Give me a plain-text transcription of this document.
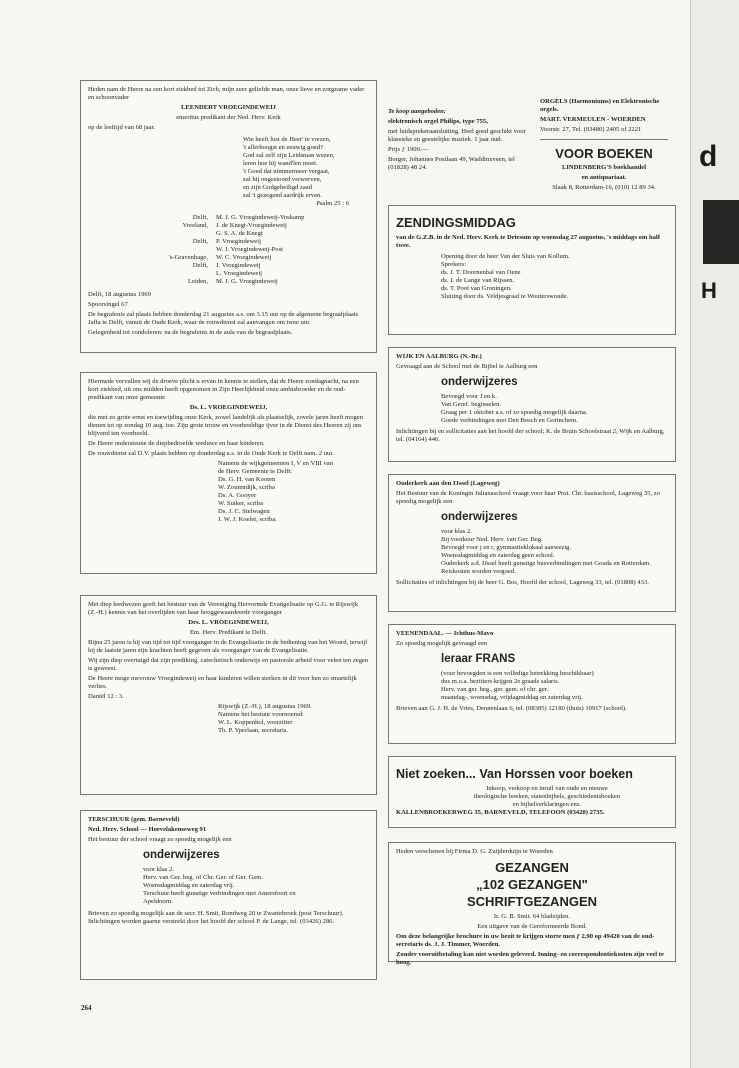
Heden nam de Heere na een kort ziekbed tot Zich, mijn zeer geliefde man, onze lieve en zorgzame vader en schoonvader

LEENDERT VROEGINDEWEIJ

emeritus predikant der Ned. Herv. Kerk

op de leeftijd van 68 jaar.

Wie heeft lust de Heer' te vrezen,
't allerhoogst en eeuwig goed?
God zal zelf zijn Leidsman wezen,
leren hoe hij wand'len moet.
't Goed dat nimmermeer vergaat,
zal hij ongestoord verwerven,
en zijn Godgeheiligd zaad
zal 't gezegend aardrijk erven.
Psalm 25 : 6
Delft,	M. J. G. Vroegindeweij-Voskamp
Vreeland,	J. de Knegt-Vroegindeweij
G. S. A. de Knegt
Delft,	P. Vroegindeweij
W. J. Vroegindeweij-Post
's-Gravenhage,	W. C. Vroegindeweij
Delft,	J. Vroegindeweij
L. Vroegindeweij
Leiden,	M. J. G. Vroegindeweij

Delft, 18 augustus 1969

Spoorsingel 67

De begrafenis zal plaats hebben donderdag 21 augustus a.s. om 3.15 uur op de algemene begraafplaats Jaffa te Delft, vanuit de Oude Kerk, waar de rouwdienst zal aanvangen om twee uur.

Gelegenheid tot condoleren: na de begrafenis in de aula van de begraafplaats.

Hiermede vervullen wij de droeve plicht u ervan in kennis te stellen, dat de Heere zondagnacht, na een kort ziekbed, uit ons midden heeft opgenomen in Zijn Heerlijkheid onze ambtsbroeder en de oud-predikant van onze gemeente

Ds. L. VROEGINDEWEIJ,

die met zo grote ernst en toewijding onze Kerk, zowel landelijk als plaatselijk, zovele jaren heeft mogen dienen tot op zondag 10 aug. toe. Zijn grote trouw en voorbeeldige ijver in de Dienst des Heeren zij ons blijvend ten voorbeeld.

De Heere ondersteune de diepbedroefde weduwe en haar kinderen.

De rouwdienst zal D.V. plaats hebben op donderdag a.s. in de Oude Kerk te Delft nam. 2 uur.

Namens de wijkgemeenten I, V en VIII van
de Herv. Gemeente te Delft:
Ds. G. H. van Kooten
W. Zoutendijk, scriba
Ds. A. Gooyer
W. Suiker, scriba
Ds. J. C. Stelwagen
J. W. J. Koelet, scriba.

Met diep leedwezen geeft het bestuur van de Vereniging Hervormde Evangelisatie op G.G. te Rijswijk (Z.-H.) kennis van het overlijden van haar hooggewaardeerde voorganger

Drs. L. VROEGINDEWEIJ,

Em. Herv. Predikant te Delft.

Bijna 25 jaren is hij van tijd tot tijd voorganger in de Evangelisatie in de bediening van het Woord, terwijl hij de laatste jaren zijn krachten heeft gegeven als voorganger van de Evangelisatie.

Wij zijn diep overtuigd dat zijn prediking, catechetisch onderwijs en pastorale arbeid voor velen ten zegen is geweest.

De Heere moge mevrouw Vroegindeweij en haar kinderen willen sterken in dit voor hen zo smartelijk verlies.

Daniël 12 : 3.

Rijswijk (Z.-H.), 18 augustus 1969.
Namens het bestuur voornoemd:
W. L. Koppenhol, voorzitter
Th. P. Yperlaan, secretaris.

TERSCHUUR (gem. Barneveld)

Ned. Herv. School — Hoevelakenseweg 91

Het bestuur der school vraagt zo spoedig mogelijk een

onderwijzeres
voor klas 2.
Herv. van Ger. beg. of Chr. Ger. of Ger. Gem.
Woensdagmiddag en zaterdag vrij.
Terschuur heeft gunstige verbindingen met Amersfoort en
Apeldoorn.

Brieven zo spoedig mogelijk aan de secr. H. Smit, Rondweg 20 te Zwartebroek (post Terschuur). Inlichtingen worden gaarne verstrekt door het hoofd der school P. de Lange, tel. (03426) 286.

Te koop aangeboden:

elektronisch orgel Philips, type 755,

met luidsprekeraansluiting. Heel goed geschikt voor klassieke en geestelijke muziek. 1 jaar oud.

Prijs ƒ 1900.—

Borger, Johannes Postlaan 49, Waddinxveen, tel (01828) 48 24.

ORGELS (Harmoniums) en Elektronische orgels.

MART. VERMEULEN - WOERDEN

Voorstr. 27, Tel. (03480) 2405 of 2221

VOOR BOEKEN

LINDENBERG'S boekhandel

en antiquariaat.

Slaak 8, Rotterdam-16, (010) 12 89 34.

ZENDINGSMIDDAG

van de G.Z.B. in de Ned. Herv. Kerk te Driesum op woensdag 27 augustus, 's middags om half twee.

Opening door de heer Van der Sluis van Kollum.
Sprekers:
ds. J. T. Doornenbal van Oene
ds. J. de Lange van Rijssen.
ds. T. Poot van Groningen.
Sluiting door ds. Veldjesgraaf te Wouterswoude.

WIJK EN AALBURG (N.-Br.)

Gevraagd aan de School met de Bijbel te Aalburg een

onderwijzeres
Bevoegd voor J en k.
Van Geref. beginselen.
Graag per 1 oktober a.s. of zo spoedig mogelijk daarna.
Goede verbindingen met Den Bosch en Gorinchem.

Inlichtingen bij en sollicitaties aan het hoofd der school; K. de Bruin Schoolstraat 2, Wijk en Aalburg, tel. (04164) 446.

Ouderkerk aan den IJssel (Lageweg)

Het Bestuur van de Koningin Julianaschool vraagt voor haar Prot. Chr. basisschool, Lageweg 35, zo spoedig mogelijk een

onderwijzeres
voor klas 2.
Bij voorkeur Ned. Herv. van Ger. Beg.
Bevoegd voor j en r, gymnastieklokaal aanwezig.
Woensdagmiddag en zaterdag geen school.
Ouderkerk a.d. IJssel heeft gunstige busverbindingen met Gouda en Rotterdam. Reiskosten worden vergoed.

Sollicitaties of inlichtingen bij de heer G. Bos, Hoofd der school, Lageweg 33, tel. (01808) 433.

VEENENDAAL. — Ichthus-Mavo

Zo spoedig mogelijk gevraagd een

leraar FRANS
(voor bevoegden is een volledige betrekking beschikbaar)
dus m.o.a. bezitters krijgen 2e graads salaris.
Herv. van ger. beg., ger. gem. of chr. ger.
maandag-, woensdag, vrijdagmiddag en zaterdag vrij.

Brieven aan G. J. H. de Vries, Dennenlaan 6, tel. (08385) 12180 (thuis) 10917 (school).

Niet zoeken... Van Horssen voor boeken
Inkoop, verkoop en inruil van oude en nieuwe
theologische boeken, statenbijbels, geschiedenisboeken
en bijbelverklaringen enz.

KALLENBROEKERWEG 35, BARNEVELD, TELEFOON (03420) 2735.

Heden verschenen bij Firma D. G. Zuijderduijn te Woerden

GEZANGEN
„102 GEZANGEN"
SCHRIFTGEZANGEN

Ir. G. B. Smit. 64 bladzijden.

Een uitgave van de Gereformeerde Bond.

Om deze belangrijke brochure in uw bezit te krijgen storte men ƒ 2,90 op 49420 van de oud-secretaris ds. J. J. Timmer, Woerden.

Zonder vooruitbetaling kan niet worden geleverd. Inning- en correspondentiekosten zijn veel te hoog.

264
d
H
